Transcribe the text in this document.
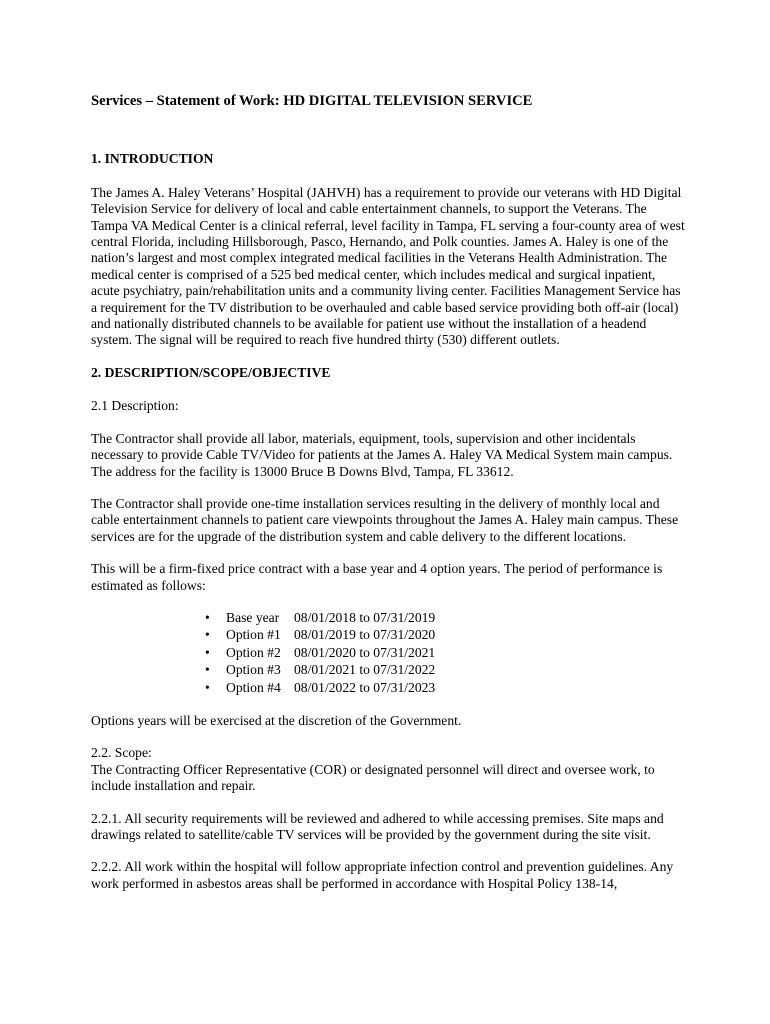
Services – Statement of Work: HD DIGITAL TELEVISION SERVICE
1. INTRODUCTION

The James A. Haley Veterans’ Hospital (JAHVH) has a requirement to provide our veterans with HD Digital Television Service for delivery of local and cable entertainment channels, to support the Veterans. The Tampa VA Medical Center is a clinical referral, level facility in Tampa, FL serving a four-county area of west central Florida, including Hillsborough, Pasco, Hernando, and Polk counties. James A. Haley is one of the nation’s largest and most complex integrated medical facilities in the Veterans Health Administration. The medical center is comprised of a 525 bed medical center, which includes medical and surgical inpatient, acute psychiatry, pain/rehabilitation units and a community living center. Facilities Management Service has a requirement for the TV distribution to be overhauled and cable based service providing both off-air (local) and nationally distributed channels to be available for patient use without the installation of a headend system. The signal will be required to reach five hundred thirty (530) different outlets.

2. DESCRIPTION/SCOPE/OBJECTIVE

2.1 Description:

The Contractor shall provide all labor, materials, equipment, tools, supervision and other incidentals necessary to provide Cable TV/Video for patients at the James A. Haley VA Medical System main campus. The address for the facility is 13000 Bruce B Downs Blvd, Tampa, FL 33612.

The Contractor shall provide one-time installation services resulting in the delivery of monthly local and cable entertainment channels to patient care viewpoints throughout the James A. Haley main campus. These services are for the upgrade of the distribution system and cable delivery to the different locations.

This will be a firm-fixed price contract with a base year and 4 option years. The period of performance is estimated as follows:

•	Base year	08/01/2018 to 07/31/2019
•	Option #1 08/01/2019 to 07/31/2020
•	Option #2 08/01/2020 to 07/31/2021
•	Option #3 08/01/2021 to 07/31/2022
•	Option #4 08/01/2022 to 07/31/2023

Options years will be exercised at the discretion of the Government.

2.2. Scope:

The Contracting Officer Representative (COR) or designated personnel will direct and oversee work, to include installation and repair.

2.2.1. All security requirements will be reviewed and adhered to while accessing premises. Site maps and drawings related to satellite/cable TV services will be provided by the government during the site visit.

2.2.2. All work within the hospital will follow appropriate infection control and prevention guidelines. Any work performed in asbestos areas shall be performed in accordance with Hospital Policy 138-14,
